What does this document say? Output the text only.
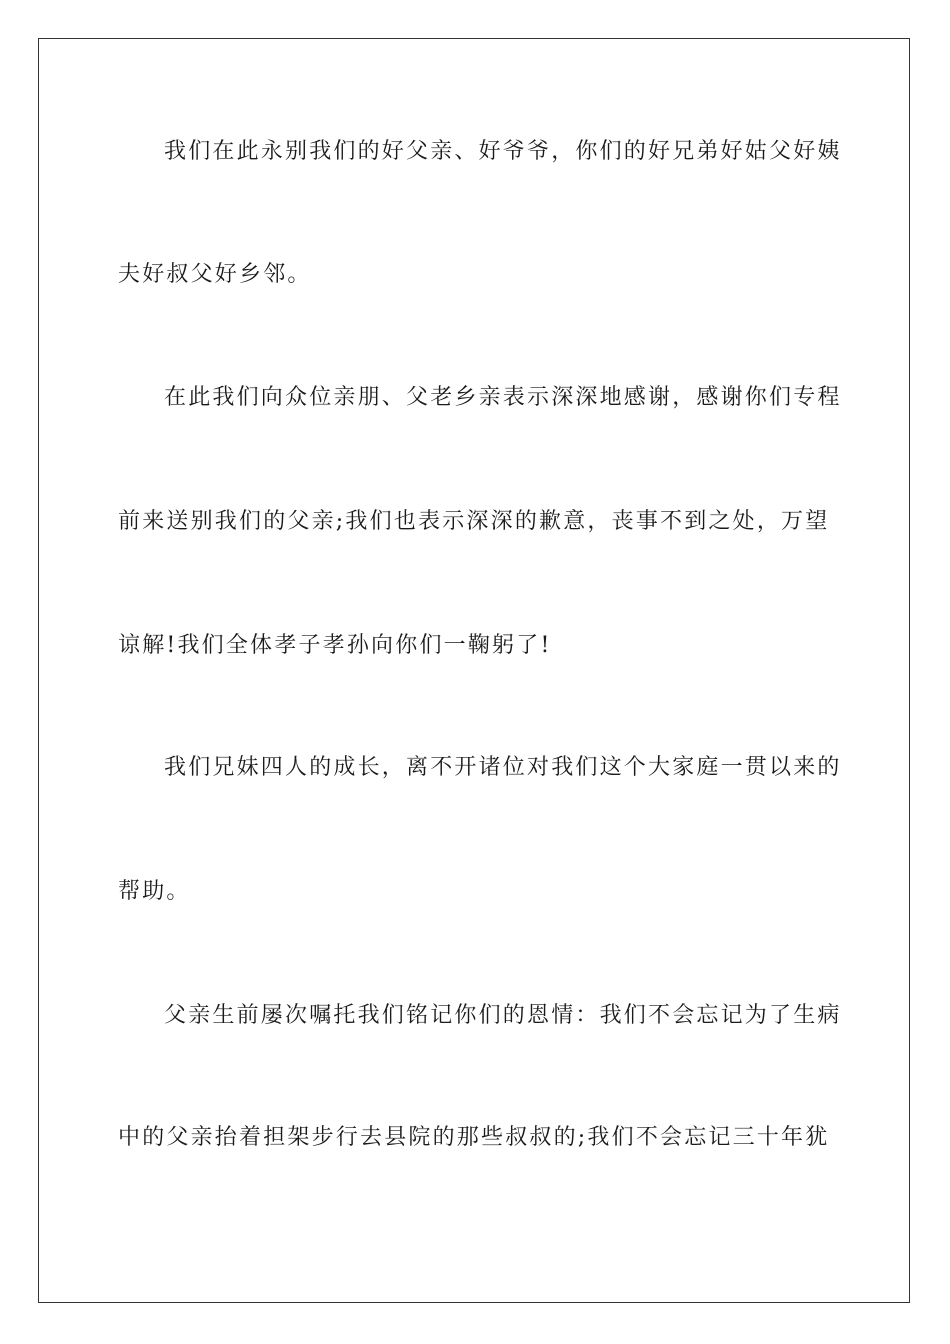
我们在此永别我们的好父亲、好爷爷，你们的好兄弟好姑父好姨
夫好叔父好乡邻。
在此我们向众位亲朋、父老乡亲表示深深地感谢，感谢你们专程
前来送别我们的父亲;我们也表示深深的歉意，丧事不到之处，万望
谅解!我们全体孝子孝孙向你们一鞠躬了!
我们兄妹四人的成长，离不开诸位对我们这个大家庭一贯以来的
帮助。
父亲生前屡次嘱托我们铭记你们的恩情：我们不会忘记为了生病
中的父亲抬着担架步行去县院的那些叔叔的;我们不会忘记三十年犹
